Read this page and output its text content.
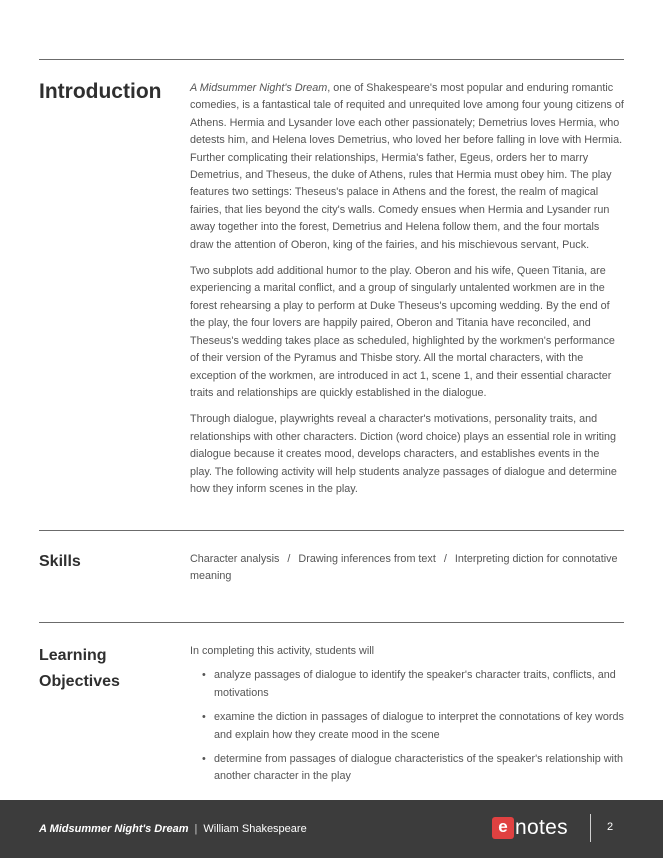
Introduction	A Midsummer Night's Dream, one of Shakespeare's most popular and enduring romantic comedies, is a fantastical tale of requited and unrequited love among four young citizens of Athens. Hermia and Lysander love each other passionately; Demetrius loves Hermia, who detests him, and Helena loves Demetrius, who loved her before falling in love with Hermia. Further complicating their relationships, Hermia's father, Egeus, orders her to marry Demetrius, and Theseus, the duke of Athens, rules that Hermia must obey him. The play features two settings: Theseus's palace in Athens and the forest, the realm of magical fairies, that lies beyond the city's walls. Comedy ensues when Hermia and Lysander run away together into the forest, Demetrius and Helena follow them, and the four mortals draw the attention of Oberon, king of the fairies, and his mischievous servant, Puck.

Two subplots add additional humor to the play. Oberon and his wife, Queen Titania, are experiencing a marital conflict, and a group of singularly untalented workmen are in the forest rehearsing a play to perform at Duke Theseus's upcoming wedding. By the end of the play, the four lovers are happily paired, Oberon and Titania have reconciled, and Theseus's wedding takes place as scheduled, highlighted by the workmen's performance of their version of the Pyramus and Thisbe story. All the mortal characters, with the exception of the workmen, are introduced in act 1, scene 1, and their essential character traits and relationships are quickly established in the dialogue.

Through dialogue, playwrights reveal a character's motivations, personality traits, and relationships with other characters. Diction (word choice) plays an essential role in writing dialogue because it creates mood, develops characters, and establishes events in the play. The following activity will help students analyze passages of dialogue and determine how they inform scenes in the play.

Skills	Character analysis / Drawing inferences from text / Interpreting diction for connotative meaning
Learning
Objectives
In completing this activity, students will
• analyze passages of dialogue to identify the speaker's character traits, conflicts, and motivations
• examine the diction in passages of dialogue to interpret the connotations of key words and explain how they create mood in the scene
• determine from passages of dialogue characteristics of the speaker's relationship with another character in the play
A Midsummer Night's Dream | William Shakespeare	e notes	2
